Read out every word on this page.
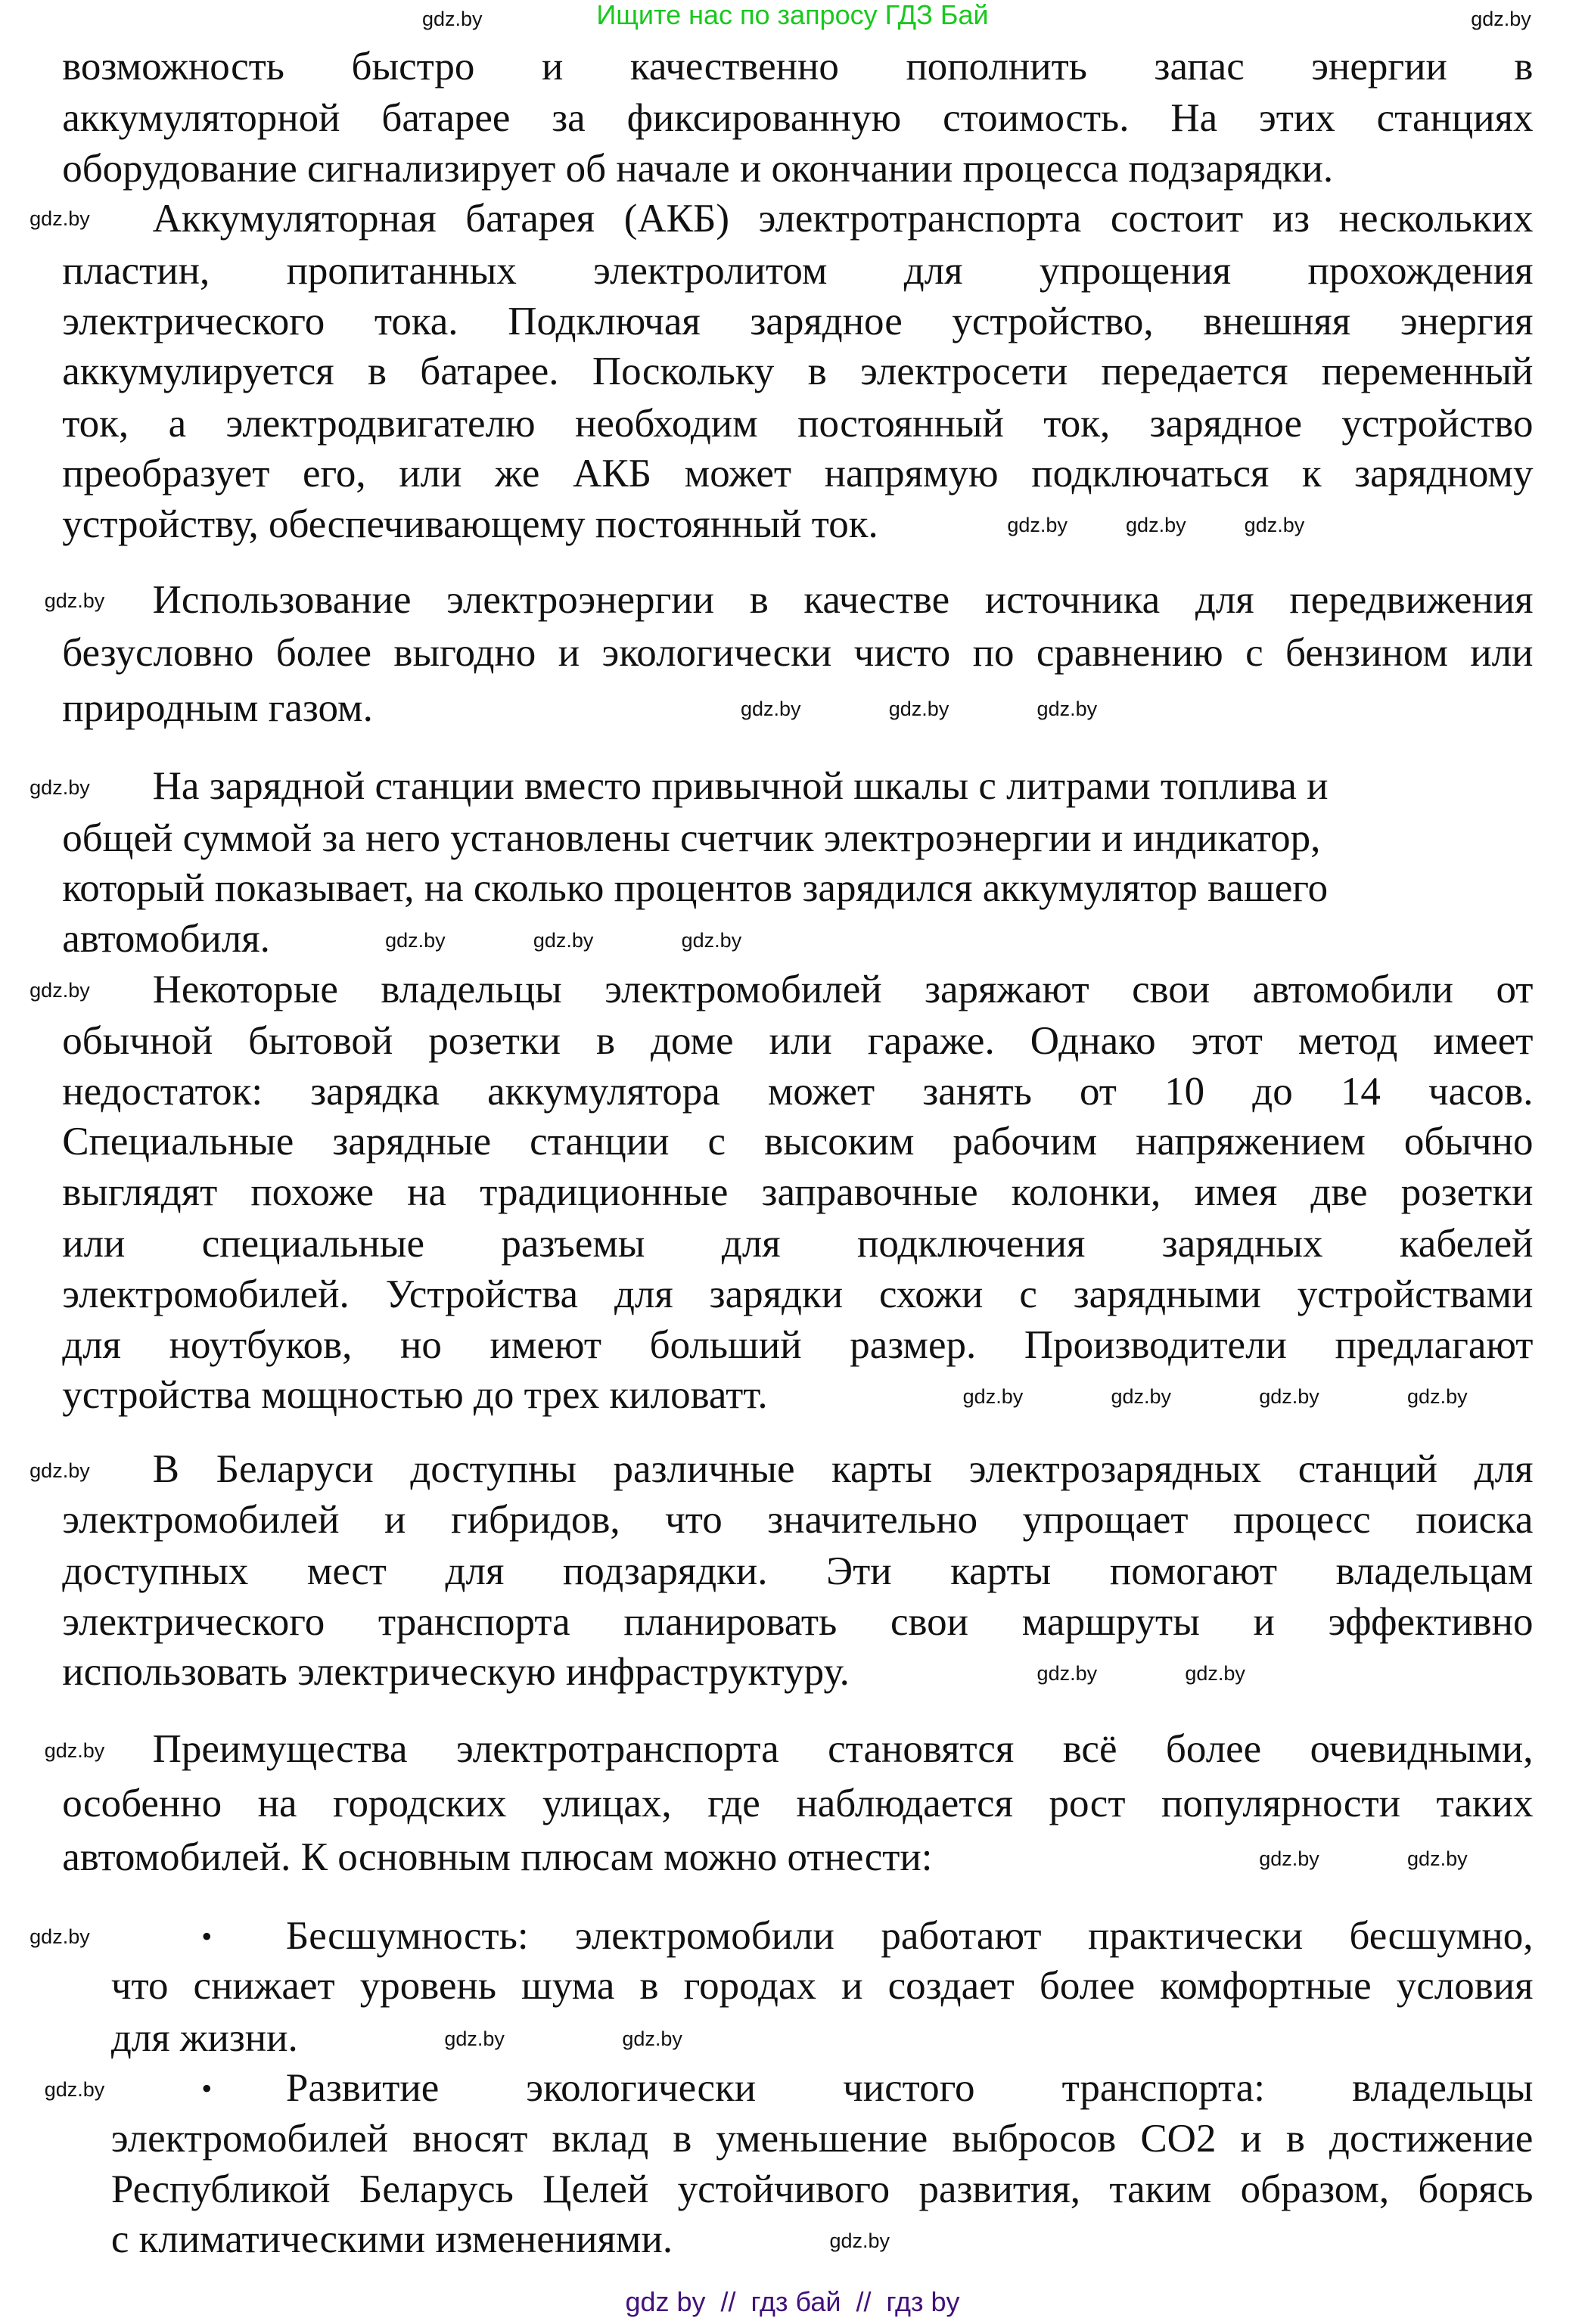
Ищите нас по запросу ГДЗ Бай
возможность быстро и качественно пополнить запас энергии в
аккумуляторной батарее за фиксированную стоимость. На этих станциях
оборудование сигнализирует об начале и окончании процесса подзарядки.
Аккумуляторная батарея (АКБ) электротранспорта состоит из нескольких
пластин, пропитанных электролитом для упрощения прохождения
электрического тока. Подключая зарядное устройство, внешняя энергия
аккумулируется в батарее. Поскольку в электросети передается переменный
ток, а электродвигателю необходим постоянный ток, зарядное устройство
преобразует его, или же АКБ может напрямую подключаться к зарядному
устройству, обеспечивающему постоянный ток.
Использование электроэнергии в качестве источника для передвижения
безусловно более выгодно и экологически чисто по сравнению с бензином или
природным газом.
На зарядной станции вместо привычной шкалы с литрами топлива и
общей суммой за него установлены счетчик электроэнергии и индикатор,
который показывает, на сколько процентов зарядился аккумулятор вашего
автомобиля.
Некоторые владельцы электромобилей заряжают свои автомобили от
обычной бытовой розетки в доме или гараже. Однако этот метод имеет
недостаток: зарядка аккумулятора может занять от 10 до 14 часов.
Специальные зарядные станции с высоким рабочим напряжением обычно
выглядят похоже на традиционные заправочные колонки, имея две розетки
или специальные разъемы для подключения зарядных кабелей
электромобилей. Устройства для зарядки схожи с зарядными устройствами
для ноутбуков, но имеют больший размер. Производители предлагают
устройства мощностью до трех киловатт.
В Беларуси доступны различные карты электрозарядных станций для
электромобилей и гибридов, что значительно упрощает процесс поиска
доступных мест для подзарядки. Эти карты помогают владельцам
электрического транспорта планировать свои маршруты и эффективно
использовать электрическую инфраструктуру.
Преимущества электротранспорта становятся всё более очевидными,
особенно на городских улицах, где наблюдается рост популярности таких
автомобилей. К основным плюсам можно отнести:
• Бесшумность: электромобили работают практически бесшумно,
что снижает уровень шума в городах и создает более комфортные условия
для жизни.
• Развитие экологически чистого транспорта: владельцы
электромобилей вносят вклад в уменьшение выбросов CO2 и в достижение
Республикой Беларусь Целей устойчивого развития, таким образом, борясь
с климатическими изменениями.
gdz.by	gdz.by
gdz.by
gdz.by	gdz.by
gdz.by
gdz.by
gdz.by
gdz.by	gdz.by
gdz.by
gdz.by
gdz.by
gdz.by
gdz.by
gdz.by	gdz.by	gdz.by	gdz.by
gdz.by
gdz.by	gdz.by
gdz.by
gdz.by
gdz.by
gdz.by
gdz.by	gdz.by
gdz.by
gdz.by
gdz by  //  гдз бай  //  гдз by
